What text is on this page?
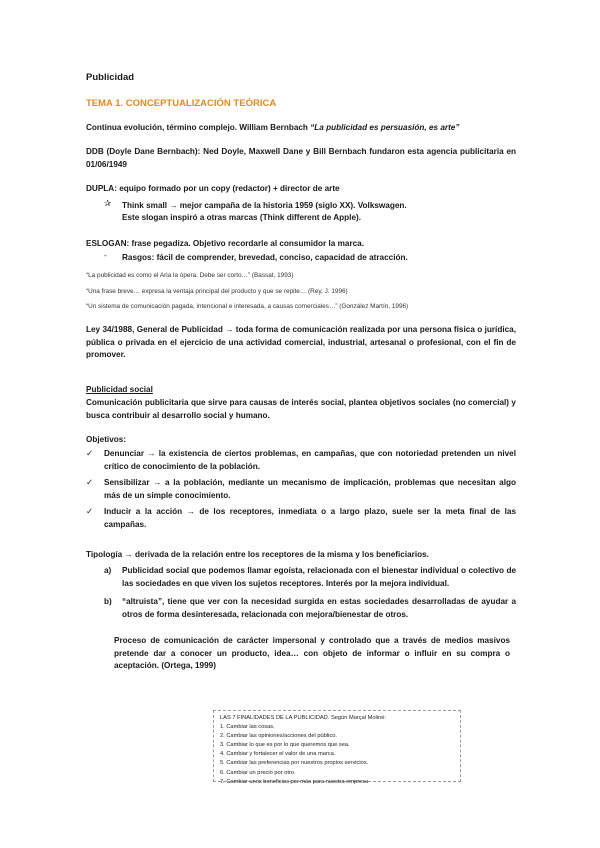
Publicidad
TEMA 1. CONCEPTUALIZACIÓN TEÓRICA
Continua evolución, término complejo. William Bernbach “La publicidad es persuasión, es arte”
DDB (Doyle Dane Bernbach): Ned Doyle, Maxwell Dane y Bill Bernbach fundaron esta agencia publicitaria en 01/06/1949
DUPLA: equipo formado por un copy (redactor) + director de arte
✰ Think small → mejor campaña de la historia 1959 (siglo XX). Volkswagen.
Este slogan inspiró a otras marcas (Think different de Apple).
ESLOGAN: frase pegadiza. Objetivo recordarle al consumidor la marca.
- Rasgos: fácil de comprender, brevedad, conciso, capacidad de atracción.
“La publicidad es como el Aria la ópera. Debe ser corto…” (Bassat, 1993)
“Una frase breve… expresa la ventaja principal del producto y que se repite… (Rey, J. 1996)
“Un sistema de comunicación pagada, intencional e interesada, a causas comerciales…” (González Martín, 1996)
Ley 34/1988, General de Publicidad → toda forma de comunicación realizada por una persona física o jurídica, pública o privada en el ejercicio de una actividad comercial, industrial, artesanal o profesional, con el fin de promover.
Publicidad social
Comunicación publicitaria que sirve para causas de interés social, plantea objetivos sociales (no comercial) y busca contribuir al desarrollo social y humano.
Objetivos:
✓ Denunciar → la existencia de ciertos problemas, en campañas, que con notoriedad pretenden un nivel crítico de conocimiento de la población.
✓ Sensibilizar → a la población, mediante un mecanismo de implicación, problemas que necesitan algo más de un simple conocimiento.
✓ Inducir a la acción → de los receptores, inmediata o a largo plazo, suele ser la meta final de las campañas.
Tipología → derivada de la relación entre los receptores de la misma y los beneficiarios.
a) Publicidad social que podemos llamar egoísta, relacionada con el bienestar individual o colectivo de las sociedades en que viven los sujetos receptores. Interés por la mejora individual.
b) “altruista”, tiene que ver con la necesidad surgida en estas sociedades desarrolladas de ayudar a otros de forma desinteresada, relacionada con mejora/bienestar de otros.
Proceso de comunicación de carácter impersonal y controlado que a través de medios masivos pretende dar a conocer un producto, idea… con objeto de informar o influir en su compra o aceptación. (Ortega, 1999)
LAS 7 FINALIDADES DE LA PUBLICIDAD. Según Marçal Moliné:
1. Cambiar las cosas.
2. Cambiar las opiniones/acciones del público.
3. Cambiar lo que es por lo que queremos que sea.
4. Cambiar y fortalecer el valor de una marca.
5. Cambiar las preferencias por nuestros propios servicios.
6. Cambiar un precio por otro.
7. Cambiar unos beneficios por más para nuestra empresa
